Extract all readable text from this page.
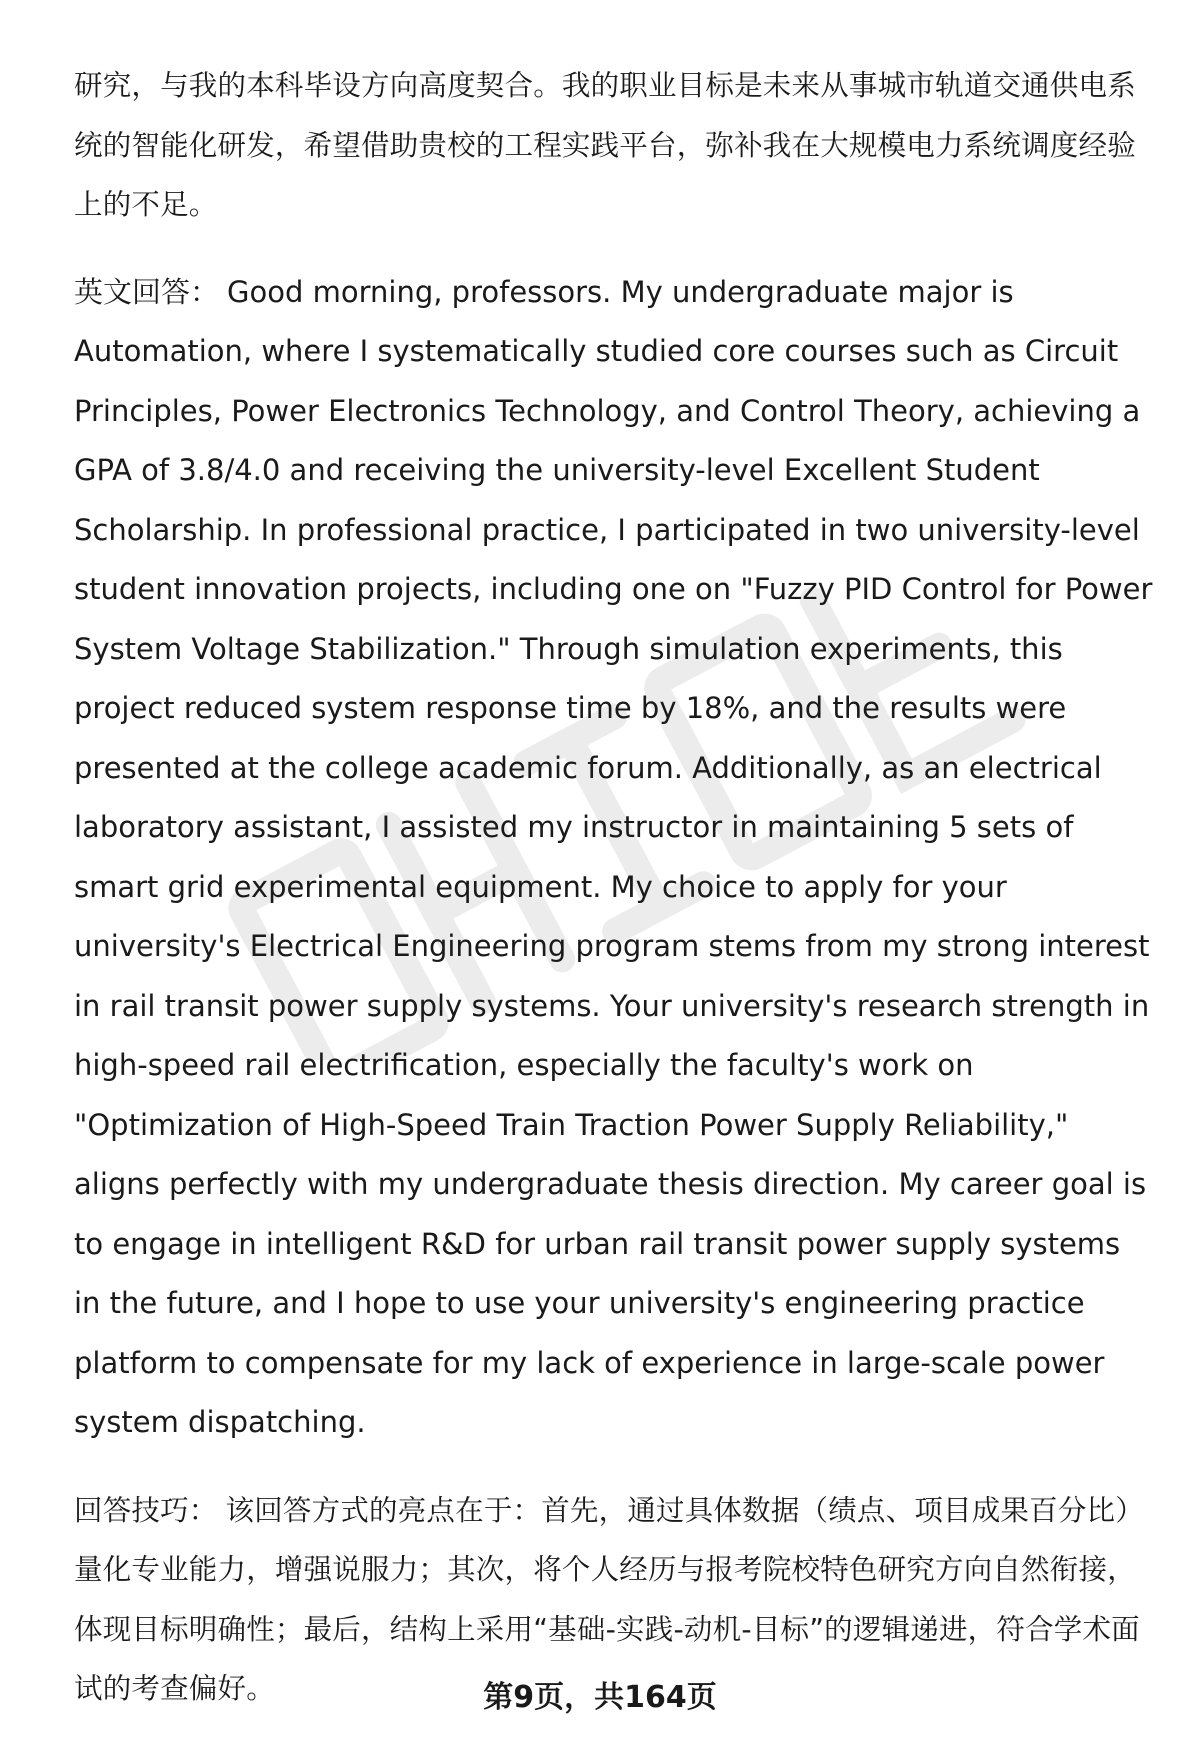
研究，与我的本科毕设方向高度契合。我的职业目标是未来从事城市轨道交通供电系统的智能化研发，希望借助贵校的工程实践平台，弥补我在大规模电力系统调度经验上的不足。

英文回答： Good morning, professors. My undergraduate major is Automation, where I systematically studied core courses such as Circuit Principles, Power Electronics Technology, and Control Theory, achieving a GPA of 3.8/4.0 and receiving the university-level Excellent Student Scholarship. In professional practice, I participated in two university-level student innovation projects, including one on "Fuzzy PID Control for Power System Voltage Stabilization." Through simulation experiments, this project reduced system response time by 18%, and the results were presented at the college academic forum. Additionally, as an electrical laboratory assistant, I assisted my instructor in maintaining 5 sets of smart grid experimental equipment. My choice to apply for your university's Electrical Engineering program stems from my strong interest in rail transit power supply systems. Your university's research strength in high-speed rail electrification, especially the faculty's work on "Optimization of High-Speed Train Traction Power Supply Reliability," aligns perfectly with my undergraduate thesis direction. My career goal is to engage in intelligent R&D for urban rail transit power supply systems in the future, and I hope to use your university's engineering practice platform to compensate for my lack of experience in large-scale power system dispatching.

回答技巧： 该回答方式的亮点在于：首先，通过具体数据（绩点、项目成果百分比）量化专业能力，增强说服力；其次，将个人经历与报考院校特色研究方向自然衔接，体现目标明确性；最后，结构上采用“基础-实践-动机-目标”的逻辑递进，符合学术面试的考查偏好。	第9页，共164页
